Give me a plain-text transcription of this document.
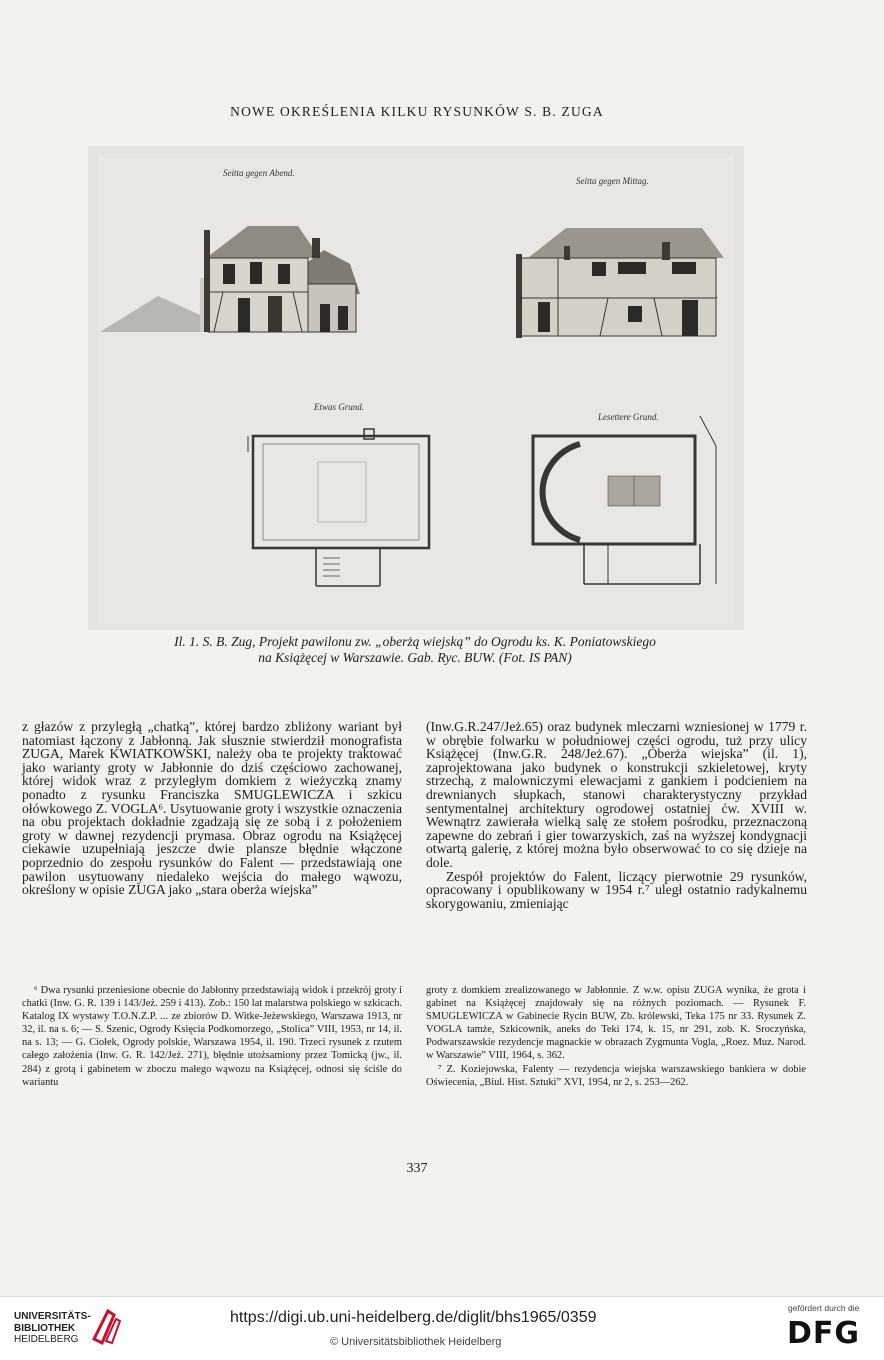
NOWE OKREŚLENIA KILKU RYSUNKÓW S. B. ZUGA
Seitta gegen Abend.
Seitta gegen Mittag.
Etwas Grund.
Lesettere Grund.
Il. 1. S. B. Zug, Projekt pawilonu zw. „oberżą wiejską” do Ogrodu ks. K. Poniatowskiego
na Książęcej w Warszawie. Gab. Ryc. BUW. (Fot. IS PAN)

z głazów z przyległą „chatką”, której bardzo zbliżony wariant był natomiast łączony z Jabłonną. Jak słusznie stwierdził monografista ZUGA, Marek KWIATKOWSKI, należy oba te projekty traktować jako warianty groty w Jabłonnie do dziś częściowo zachowanej, której widok wraz z przyległym domkiem z wieżyczką znamy ponadto z rysunku Franciszka SMUGLEWICZA i szkicu ołówkowego Z. VOGLA⁶. Usytuowanie groty i wszystkie oznaczenia na obu projektach dokładnie zgadzają się ze sobą i z położeniem groty w dawnej rezydencji prymasa. Obraz ogrodu na Książęcej ciekawie uzupełniają jeszcze dwie plansze błędnie włączone poprzednio do zespołu rysunków do Falent — przedstawiają one pawilon usytuowany niedaleko wejścia do małego wąwozu, określony w opisie ZUGA jako „stara oberża wiejska”

(Inw.G.R.247/Jeż.65) oraz budynek mleczarni wzniesionej w 1779 r. w obrębie folwarku w południowej części ogrodu, tuż przy ulicy Książęcej (Inw.G.R. 248/Jeż.67). „Oberża wiejska” (il. 1), zaprojektowana jako budynek o konstrukcji szkieletowej, kryty strzechą, z malowniczymi elewacjami z gankiem i podcieniem na drewnianych słupkach, stanowi charakterystyczny przykład sentymentalnej architektury ogrodowej ostatniej ćw. XVIII w. Wewnątrz zawierała wielką salę ze stołem pośrodku, przeznaczoną zapewne do zebrań i gier towarzyskich, zaś na wyższej kondygnacji otwartą galerię, z której można było obserwować to co się dzieje na dole.

Zespół projektów do Falent, liczący pierwotnie 29 rysunków, opracowany i opublikowany w 1954 r.⁷ uległ ostatnio radykalnemu skorygowaniu, zmieniając

⁶ Dwa rysunki przeniesione obecnie do Jabłonny przedstawiają widok i przekrój groty i chatki (Inw. G. R. 139 i 143/Jeż. 259 i 413). Zob.: 150 lat malarstwa polskiego w szkicach. Katalog IX wystawy T.O.N.Z.P. ... ze zbiorów D. Witke-Jeżewskiego, Warszawa 1913, nr 32, il. na s. 6; — S. Szenic, Ogrody Księcia Podkomorzego, „Stolica” VIII, 1953, nr 14, il. na s. 13; — G. Ciołek, Ogrody polskie, Warszawa 1954, il. 190. Trzeci rysunek z rzutem całego założenia (Inw. G. R. 142/Jeż. 271), błędnie utożsamiony przez Tomicką (jw., il. 284) z grotą i gabinetem w zboczu małego wąwozu na Książęcej, odnosi się ściśle do wariantu

groty z domkiem zrealizowanego w Jabłonnie. Z w.w. opisu ZUGA wynika, że grota i gabinet na Książęcej znajdowały się na różnych poziomach. — Rysunek F. SMUGLEWICZA w Gabinecie Rycin BUW, Zb. królewski, Teka 175 nr 33. Rysunek Z. VOGLA tamże, Szkicownik, aneks do Teki 174, k. 15, nr 291, zob. K. Sroczyńska, Podwarszawskie rezydencje magnackie w obrazach Zygmunta Vogla, „Roez. Muz. Narod. w Warszawie” VIII, 1964, s. 362.

⁷ Z. Koziejowska, Falenty — rezydencja wiejska warszawskiego bankiera w dobie Oświecenia, „Biul. Hist. Sztuki” XVI, 1954, nr 2, s. 253—262.

337
UNIVERSITÄTS-
BIBLIOTHEK
HEIDELBERG
https://digi.ub.uni-heidelberg.de/diglit/bhs1965/0359
© Universitätsbibliothek Heidelberg
gefördert durch die
DFG
